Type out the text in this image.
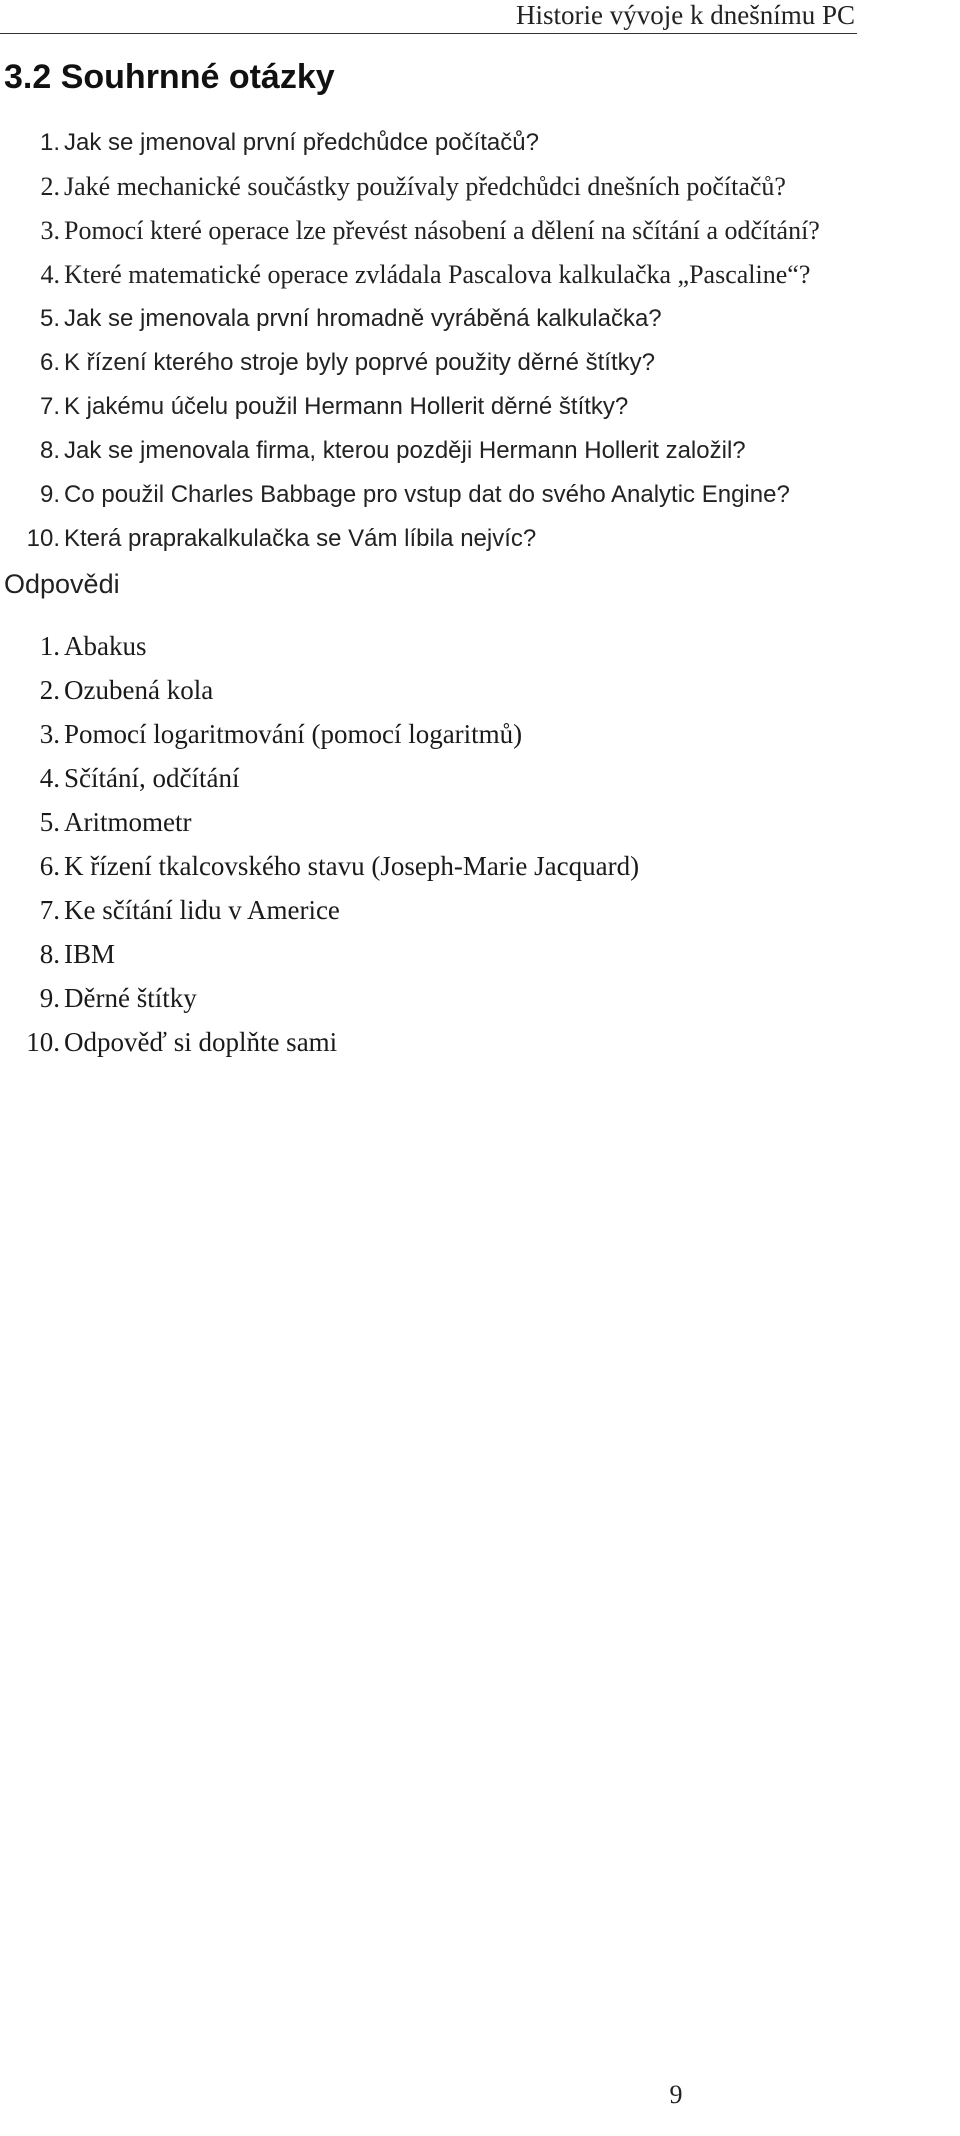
Historie vývoje k dnešnímu PC
3.2 Souhrnné otázky
1. Jak se jmenoval první předchůdce počítačů?
2. Jaké mechanické součástky používaly předchůdci dnešních počítačů?
3. Pomocí které operace lze převést násobení a dělení na sčítání a odčítání?
4. Které matematické operace zvládala Pascalova kalkulačka „Pascaline“?
5. Jak se jmenovala první hromadně vyráběná kalkulačka?
6. K řízení kterého stroje byly poprvé použity děrné štítky?
7. K jakému účelu použil Hermann Hollerit děrné štítky?
8. Jak se jmenovala firma, kterou později Hermann Hollerit založil?
9. Co použil Charles Babbage pro vstup dat do svého Analytic Engine?
10. Která praprakalkulačka se Vám líbila nejvíc?
Odpovědi
1. Abakus
2. Ozubená kola
3. Pomocí logaritmování (pomocí logaritmů)
4. Sčítání, odčítání
5. Aritmometr
6. K řízení tkalcovského stavu (Joseph-Marie Jacquard)
7. Ke sčítání lidu v Americe
8. IBM
9. Děrné štítky
10. Odpověď si doplňte sami
9
